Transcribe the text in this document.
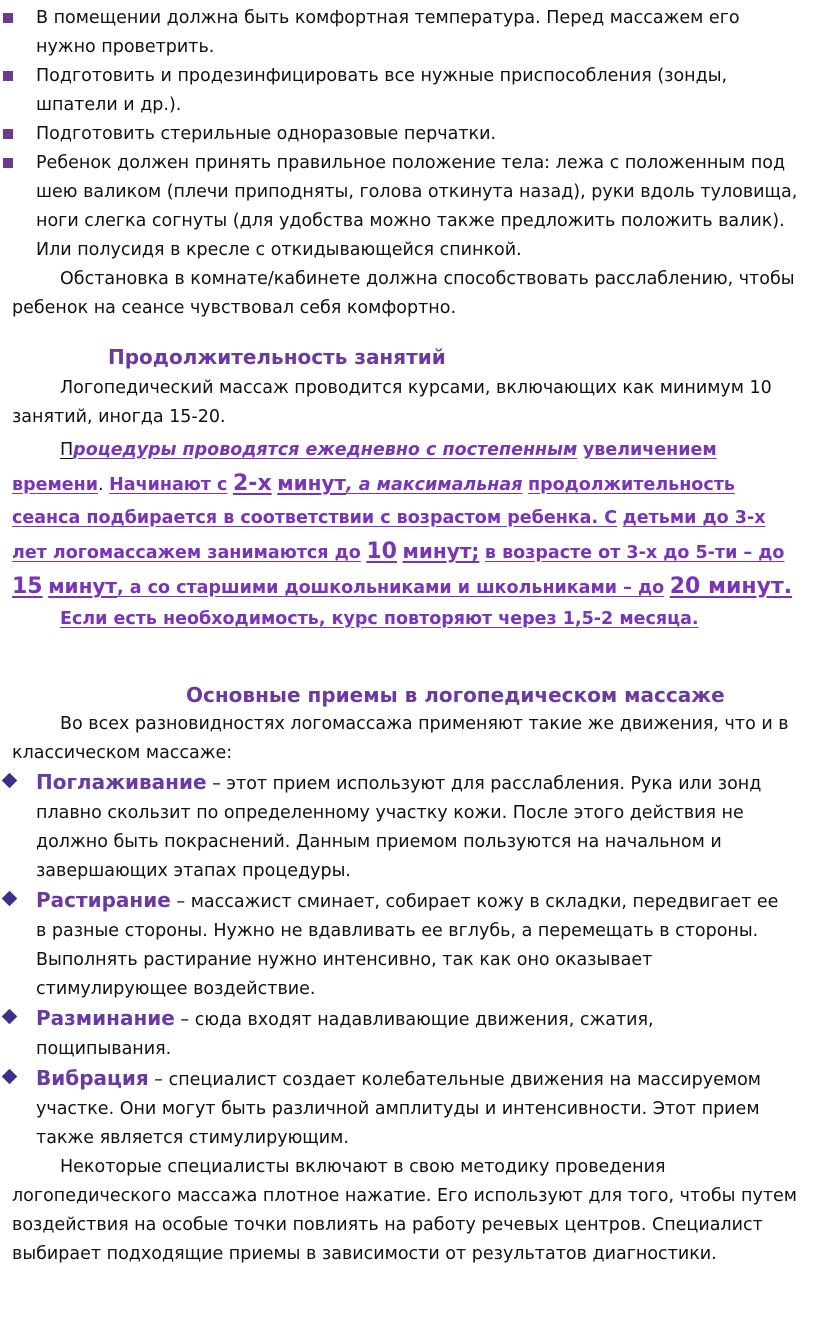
В помещении должна быть комфортная температура. Перед массажем его нужно проветрить.
Подготовить и продезинфицировать все нужные приспособления (зонды, шпатели и др.).
Подготовить стерильные одноразовые перчатки.
Ребенок должен принять правильное положение тела: лежа с положенным под шею валиком (плечи приподняты, голова откинута назад), руки вдоль туловища, ноги слегка согнуты (для удобства можно также предложить положить валик). Или полусидя в кресле с откидывающейся спинкой.

Обстановка в комнате/кабинете должна способствовать расслаблению, чтобы ребенок на сеансе чувствовал себя комфортно.

Продолжительность занятий

Логопедический массаж проводится курсами, включающих как минимум 10 занятий, иногда 15-20.

Процедуры проводятся ежедневно с постепенным увеличением времени. Начинают с 2-х минут, а максимальная продолжительность сеанса подбирается в соответствии с возрастом ребенка. С детьми до 3-х лет логомассажем занимаются до 10 минут; в возрасте от 3-х до 5-ти – до 15 минут, а со старшими дошкольниками и школьниками – до 20 минут.

Если есть необходимость, курс повторяют через 1,5-2 месяца.

Основные приемы в логопедическом массаже

Во всех разновидностях логомассажа применяют такие же движения, что и в классическом массаже:

Поглаживание – этот прием используют для расслабления. Рука или зонд плавно скользит по определенному участку кожи. После этого действия не должно быть покраснений. Данным приемом пользуются на начальном и завершающих этапах процедуры.
Растирание – массажист сминает, собирает кожу в складки, передвигает ее в разные стороны. Нужно не вдавливать ее вглубь, а перемещать в стороны. Выполнять растирание нужно интенсивно, так как оно оказывает стимулирующее воздействие.
Разминание – сюда входят надавливающие движения, сжатия, пощипывания.
Вибрация – специалист создает колебательные движения на массируемом участке. Они могут быть различной амплитуды и интенсивности. Этот прием также является стимулирующим.

Некоторые специалисты включают в свою методику проведения логопедического массажа плотное нажатие. Его используют для того, чтобы путем воздействия на особые точки повлиять на работу речевых центров. Специалист выбирает подходящие приемы в зависимости от результатов диагностики.
